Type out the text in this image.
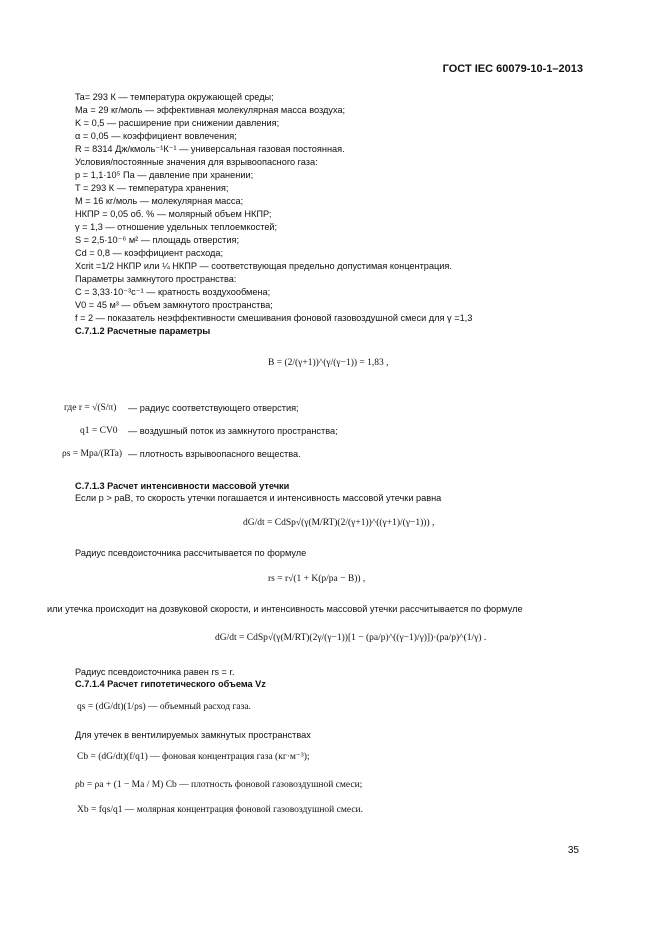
ГОСТ IEC 60079-10-1–2013
Ta= 293 К — температура окружающей среды;
Ma = 29 кг/моль — эффективная молекулярная масса воздуха;
K = 0,5 — расширение при снижении давления;
α = 0,05 — коэффициент вовлечения;
R = 8314 Дж/кмоль⁻¹К⁻¹ — универсальная газовая постоянная.
Условия/постоянные значения для взрывоопасного газа:
p = 1,1·10⁵ Па — давление при хранении;
T = 293 К — температура хранения;
M = 16 кг/моль — молекулярная масса;
НКПР = 0,05 об. % — молярный объем НКПР;
γ = 1,3 — отношение удельных теплоемкостей;
S = 2,5·10⁻⁶ м² — площадь отверстия;
Cd = 0,8 — коэффициент расхода;
Xcrit =1/2 НКПР или ¼ НКПР — соответствующая предельно допустимая концентрация.
Параметры замкнутого пространства:
C = 3,33·10⁻³c⁻¹ — кратность воздухообмена;
V0 = 45 м³ — объем замкнутого пространства;
f = 2 — показатель неэффективности смешивания фоновой газовоздушной смеси для γ =1,3
С.7.1.2 Расчетные параметры
B = (2/(γ+1))^(γ/(γ−1)) = 1,83 ,
где r = √(S/π) — радиус соответствующего отверстия;
q1 = CV0 — воздушный поток из замкнутого пространства;
ρs = Mpa/(RTa) — плотность взрывоопасного вещества.
С.7.1.3 Расчет интенсивности массовой утечки
Если p > paB, то скорость утечки погашается и интенсивность массовой утечки равна
dG/dt = CdSp√(γ(M/RT)(2/(γ+1))^((γ+1)/(γ−1))) ,
Радиус псевдоисточника рассчитывается по формуле
rs = r√(1 + K(p/pa − B)) ,
или утечка происходит на дозвуковой скорости, и интенсивность массовой утечки рассчитывается по формуле
dG/dt = CdSp√(γ(M/RT)(2γ/(γ−1))[1 − (pa/p)^((γ−1)/γ)])·(pa/p)^(1/γ) .
Радиус псевдоисточника равен rs = r.
С.7.1.4 Расчет гипотетического объема Vz
qs = (dG/dt)(1/ρs) — объемный расход газа.
Для утечек в вентилируемых замкнутых пространствах
Cb = (dG/dt)(f/q1) — фоновая концентрация газа (кг·м⁻³);
ρb = ρa + (1 − Ma / M) Cb — плотность фоновой газовоздушной смеси;
Xb = fqs/q1 — молярная концентрация фоновой газовоздушной смеси.
35
